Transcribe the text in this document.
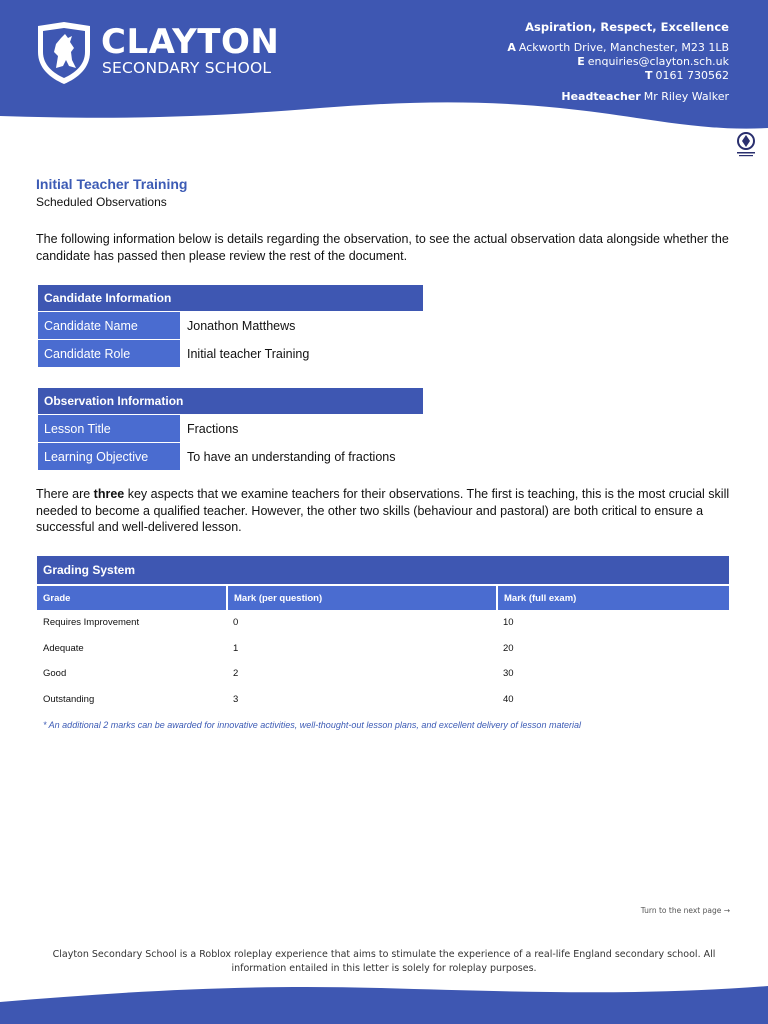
CLAYTON
SECONDARY SCHOOL
Aspiration, Respect, Excellence
A Ackworth Drive, Manchester, M23 1LB
E enquiries@clayton.sch.uk
T 0161 730562
Headteacher Mr Riley Walker
Initial Teacher Training
Scheduled Observations
The following information below is details regarding the observation, to see the actual observation data alongside whether the candidate has passed then please review the rest of the document.
Candidate Information	
Candidate Name	Jonathon Matthews
Candidate Role	Initial teacher Training
Observation Information	
Lesson Title	Fractions
Learning Objective	To have an understanding of fractions
There are three key aspects that we examine teachers for their observations. The first is teaching, this is the most crucial skill needed to become a qualified teacher. However, the other two skills (behaviour and pastoral) are both critical to ensure a successful and well-delivered lesson.
Grading System		
Grade	Mark (per question)	Mark (full exam)
Requires Improvement	0	10
Adequate	1	20
Good	2	30
Outstanding	3	40
* An additional 2 marks can be awarded for innovative activities, well-thought-out lesson plans, and excellent delivery of lesson material
Turn to the next page →
Clayton Secondary School is a Roblox roleplay experience that aims to stimulate the experience of a real-life England secondary school. All information entailed in this letter is solely for roleplay purposes.
